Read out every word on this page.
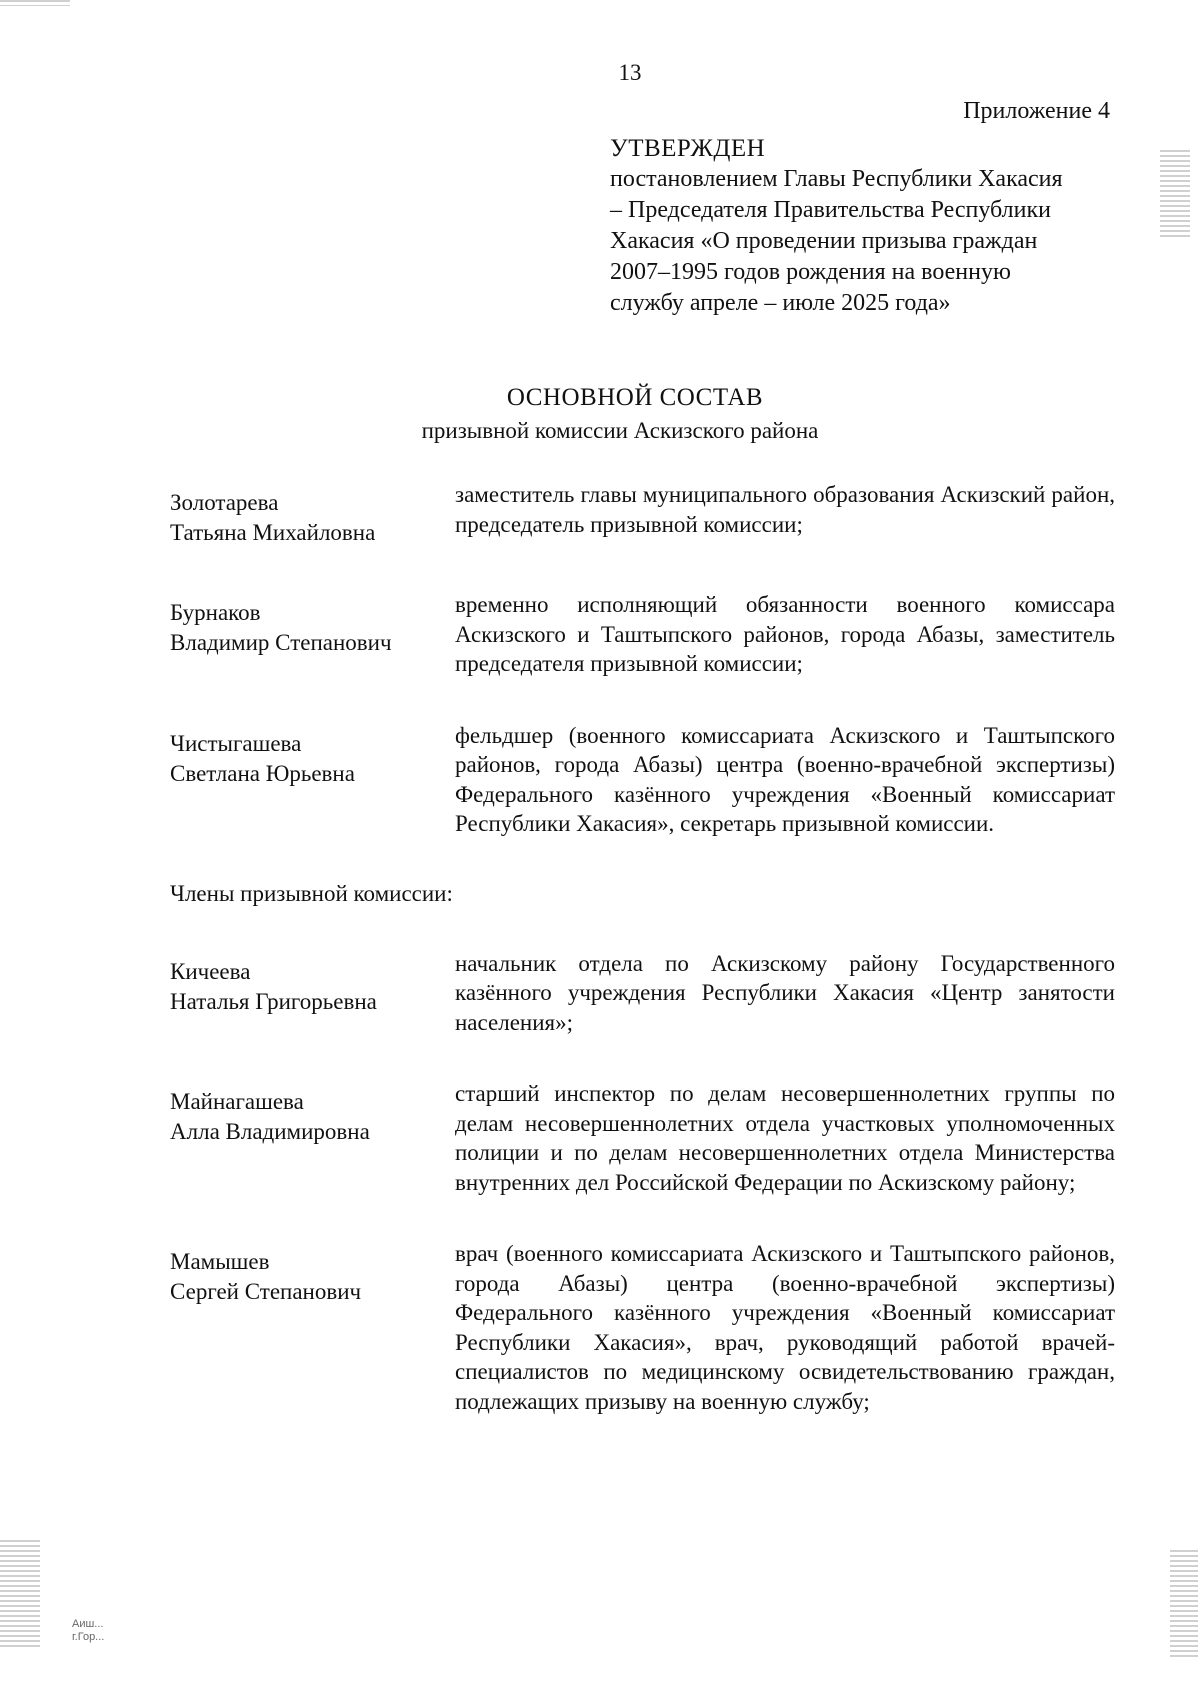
13
Приложение 4
УТВЕРЖДЕН
постановлением Главы Республики Хакасия
– Председателя Правительства Республики
Хакасия «О проведении призыва граждан
2007–1995 годов рождения на военную
службу апреле – июле 2025 года»
ОСНОВНОЙ СОСТАВ
призывной комиссии Аскизского района
Золотарева
Татьяна Михайловна
заместитель главы муниципального образования Аскизский район, председатель призывной комиссии;
Бурнаков
Владимир Степанович
временно исполняющий обязанности военного комиссара Аскизского и Таштыпского районов, города Абазы, заместитель председателя призывной комиссии;
Чистыгашева
Светлана Юрьевна
фельдшер (военного комиссариата Аскизского и Таштыпского районов, города Абазы) центра (военно-врачебной экспертизы) Федерального казённого учреждения «Военный комиссариат Республики Хакасия», секретарь призывной комиссии.
Члены призывной комиссии:
Кичеева
Наталья Григорьевна
начальник отдела по Аскизскому району Государственного казённого учреждения Республики Хакасия «Центр занятости населения»;
Майнагашева
Алла Владимировна
старший инспектор по делам несовершеннолетних группы по делам несовершеннолетних отдела участковых уполномоченных полиции и по делам несовершеннолетних отдела Министерства внутренних дел Российской Федерации по Аскизскому району;
Мамышев
Сергей Степанович
врач (военного комиссариата Аскизского и Таштыпского районов, города Абазы) центра (военно-врачебной экспертизы) Федерального казённого учреждения «Военный комиссариат Республики Хакасия», врач, руководящий работой врачей-специалистов по медицинскому освидетельствованию граждан, подлежащих призыву на военную службу;
Аиш...
г.Гор...
